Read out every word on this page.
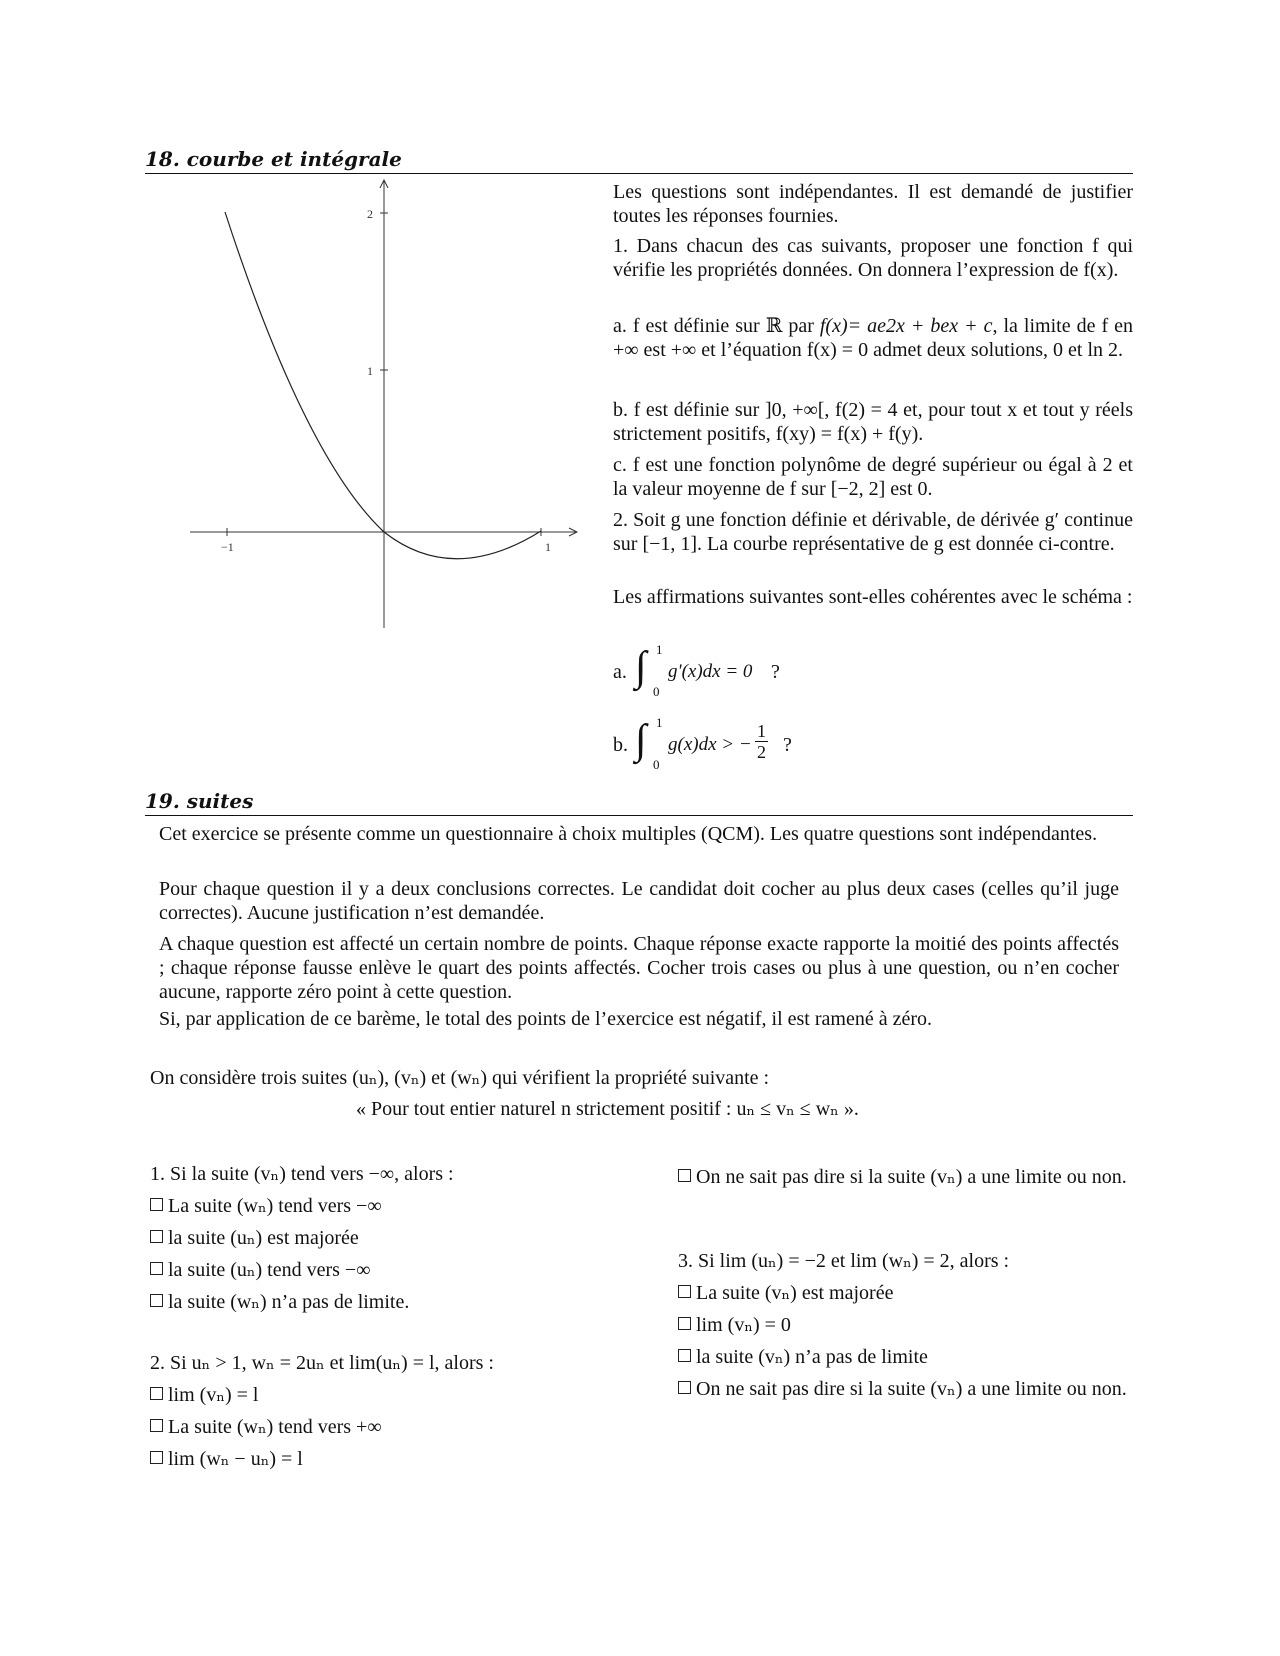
18. courbe et intégrale
2
1
−1	1

Les questions sont indépendantes. Il est demandé de justifier toutes les réponses fournies.

1. Dans chacun des cas suivants, proposer une fonction f qui vérifie les propriétés données. On donnera l’expression de f(x).

a. f est définie sur ℝ par f(x)= ae2x + bex + c, la limite de f en +∞ est +∞ et l’équation f(x) = 0 admet deux solutions, 0 et ln 2.

b. f est définie sur ]0, +∞[, f(2) = 4 et, pour tout x et tout y réels strictement positifs, f(xy) = f(x) + f(y).

c. f est une fonction polynôme de degré supérieur ou égal à 2 et la valeur moyenne de f sur [−2, 2] est 0.

2. Soit g une fonction définie et dérivable, de dérivée g′ continue sur [−1, 1]. La courbe représentative de g est donnée ci-contre.

Les affirmations suivantes sont-elles cohérentes avec le schéma :

a. ∫ 1
0
g'(x)dx = 0 ?
b. ∫ 1
0
g(x)dx > − $\frac{1}{2}$ ?
19. suites

Cet exercice se présente comme un questionnaire à choix multiples (QCM). Les quatre questions sont indépendantes.

Pour chaque question il y a deux conclusions correctes. Le candidat doit cocher au plus deux cases (celles qu’il juge correctes). Aucune justification n’est demandée.

A chaque question est affecté un certain nombre de points. Chaque réponse exacte rapporte la moitié des points affectés ; chaque réponse fausse enlève le quart des points affectés. Cocher trois cases ou plus à une question, ou n’en cocher aucune, rapporte zéro point à cette question.

Si, par application de ce barème, le total des points de l’exercice est négatif, il est ramené à zéro.

On considère trois suites (uₙ), (vₙ) et (wₙ) qui vérifient la propriété suivante :

« Pour tout entier naturel n strictement positif : uₙ ≤ vₙ ≤ wₙ ».

1. Si la suite (vₙ) tend vers −∞, alors :

La suite (wₙ) tend vers −∞

la suite (uₙ) est majorée

la suite (uₙ) tend vers −∞

la suite (wₙ) n’a pas de limite.

2. Si uₙ > 1, wₙ = 2uₙ et lim(uₙ) = l, alors :

lim (vₙ) = l

La suite (wₙ) tend vers +∞

lim (wₙ − uₙ) = l

On ne sait pas dire si la suite (vₙ) a une limite ou non.

3. Si lim (uₙ) = −2 et lim (wₙ) = 2, alors :

La suite (vₙ) est majorée

lim (vₙ) = 0

la suite (vₙ) n’a pas de limite

On ne sait pas dire si la suite (vₙ) a une limite ou non.
